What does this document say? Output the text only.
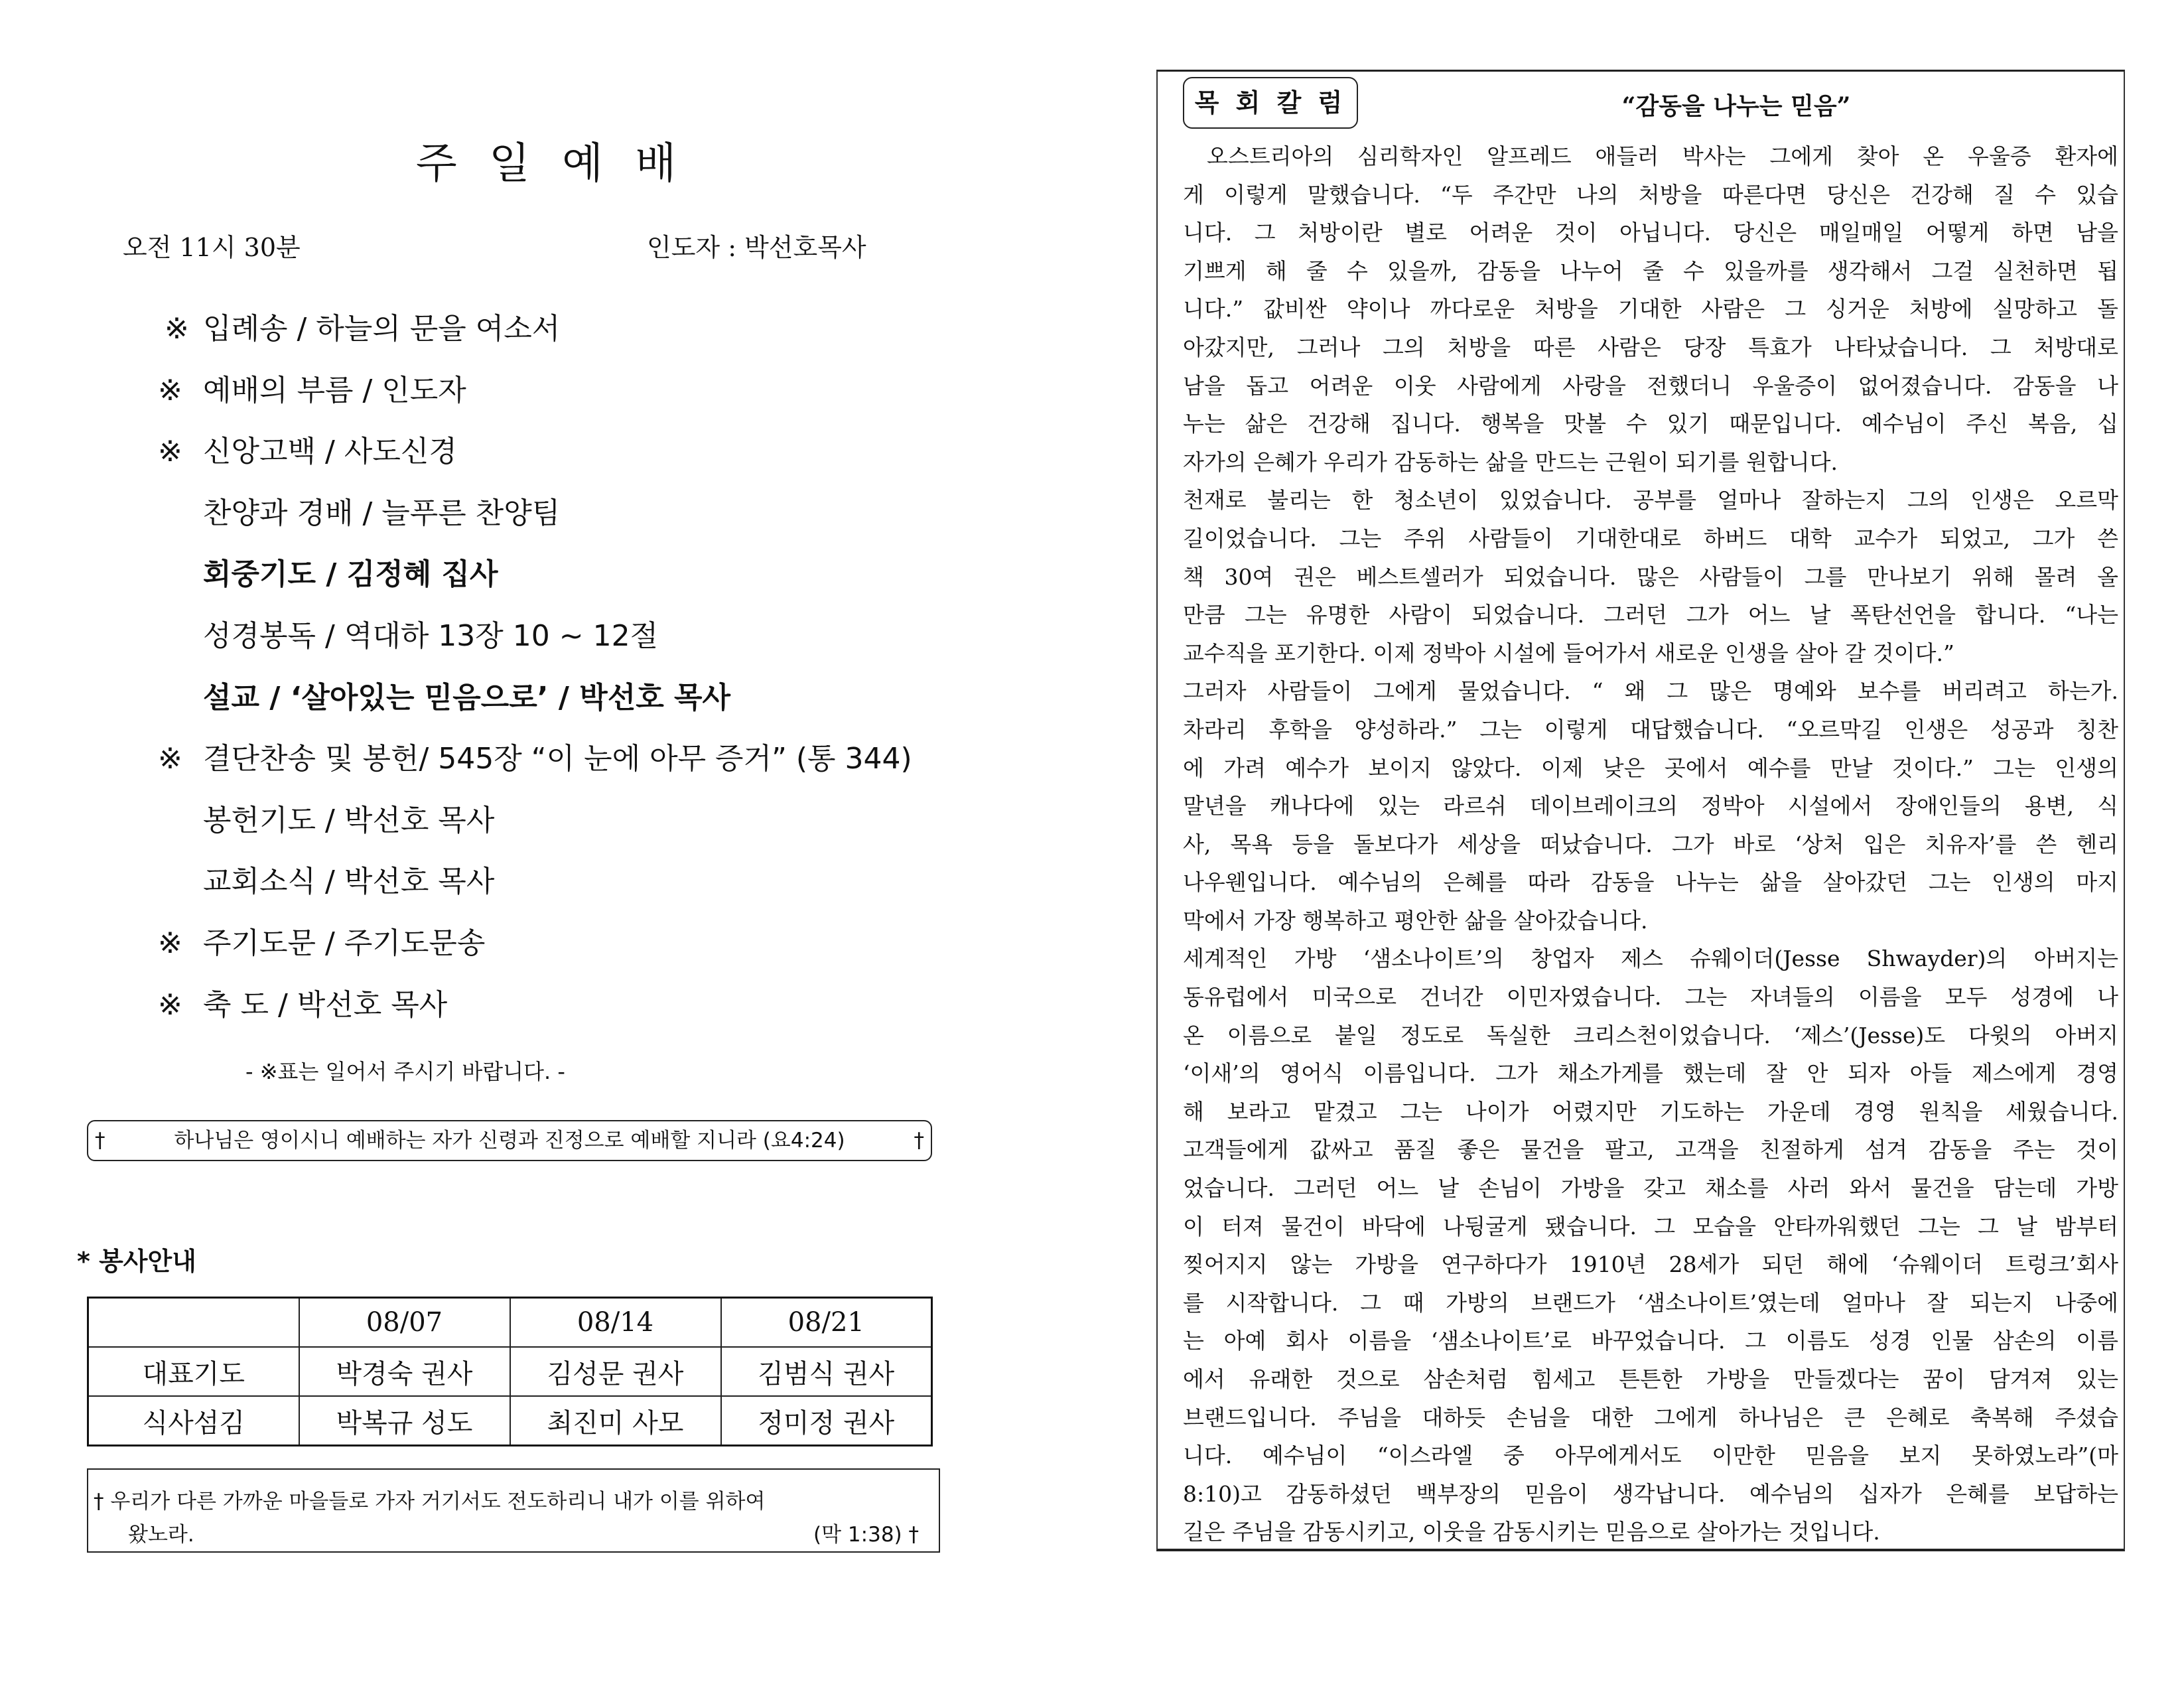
주 일 예 배
오전 11시 30분	인도자 : 박선호목사
※ 입례송 / 하늘의 문을 여소서
※ 예배의 부름 / 인도자
※ 신앙고백 / 사도신경
찬양과 경배 / 늘푸른 찬양팀
회중기도 / 김정혜 집사
성경봉독 / 역대하 13장 10 ~ 12절
설교 / ‘살아있는 믿음으로’ / 박선호 목사
※ 결단찬송 및 봉헌/ 545장 “이 눈에 아무 증거” (통 344)
봉헌기도 / 박선호 목사
교회소식 / 박선호 목사
※ 주기도문 / 주기도문송
※ 축 도 / 박선호 목사
- ※표는 일어서 주시기 바랍니다. -
†	하나님은 영이시니 예배하는 자가 신령과 진정으로 예배할 지니라 (요4:24)	†
* 봉사안내
	08/07	08/14	08/21
대표기도	박경숙 권사	김성문 권사	김범식 권사
식사섬김	박복규 성도	최진미 사모	정미정 권사
† 우리가 다른 가까운 마을들로 가자 거기서도 전도하리니 내가 이를 위하여
왔노라.	(막 1:38) †
목 회 칼 럼	“감동을 나누는 믿음”
오스트리아의 심리학자인 알프레드 애들러 박사는 그에게 찾아 온 우울증 환자에
게 이렇게 말했습니다. “두 주간만 나의 처방을 따른다면 당신은 건강해 질 수 있습
니다. 그 처방이란 별로 어려운 것이 아닙니다. 당신은 매일매일 어떻게 하면 남을
기쁘게 해 줄 수 있을까, 감동을 나누어 줄 수 있을까를 생각해서 그걸 실천하면 됩
니다.” 값비싼 약이나 까다로운 처방을 기대한 사람은 그 싱거운 처방에 실망하고 돌
아갔지만, 그러나 그의 처방을 따른 사람은 당장 특효가 나타났습니다. 그 처방대로
남을 돕고 어려운 이웃 사람에게 사랑을 전했더니 우울증이 없어졌습니다. 감동을 나
누는 삶은 건강해 집니다. 행복을 맛볼 수 있기 때문입니다. 예수님이 주신 복음, 십
자가의 은혜가 우리가 감동하는 삶을 만드는 근원이 되기를 원합니다.
천재로 불리는 한 청소년이 있었습니다. 공부를 얼마나 잘하는지 그의 인생은 오르막
길이었습니다. 그는 주위 사람들이 기대한대로 하버드 대학 교수가 되었고, 그가 쓴
책 30여 권은 베스트셀러가 되었습니다. 많은 사람들이 그를 만나보기 위해 몰려 올
만큼 그는 유명한 사람이 되었습니다. 그러던 그가 어느 날 폭탄선언을 합니다. “나는
교수직을 포기한다. 이제 정박아 시설에 들어가서 새로운 인생을 살아 갈 것이다.”
그러자 사람들이 그에게 물었습니다. “ 왜 그 많은 명예와 보수를 버리려고 하는가.
차라리 후학을 양성하라.” 그는 이렇게 대답했습니다. “오르막길 인생은 성공과 칭찬
에 가려 예수가 보이지 않았다. 이제 낮은 곳에서 예수를 만날 것이다.” 그는 인생의
말년을 캐나다에 있는 라르쉬 데이브레이크의 정박아 시설에서 장애인들의 용변, 식
사, 목욕 등을 돌보다가 세상을 떠났습니다. 그가 바로 ‘상처 입은 치유자’를 쓴 헨리
나우웬입니다. 예수님의 은혜를 따라 감동을 나누는 삶을 살아갔던 그는 인생의 마지
막에서 가장 행복하고 평안한 삶을 살아갔습니다.
세계적인 가방 ‘샘소나이트’의 창업자 제스 슈웨이더(Jesse Shwayder)의 아버지는
동유럽에서 미국으로 건너간 이민자였습니다. 그는 자녀들의 이름을 모두 성경에 나
온 이름으로 붙일 정도로 독실한 크리스천이었습니다. ‘제스’(Jesse)도 다윗의 아버지
‘이새’의 영어식 이름입니다. 그가 채소가게를 했는데 잘 안 되자 아들 제스에게 경영
해 보라고 맡겼고 그는 나이가 어렸지만 기도하는 가운데 경영 원칙을 세웠습니다.
고객들에게 값싸고 품질 좋은 물건을 팔고, 고객을 친절하게 섬겨 감동을 주는 것이
었습니다. 그러던 어느 날 손님이 가방을 갖고 채소를 사러 와서 물건을 담는데 가방
이 터져 물건이 바닥에 나뒹굴게 됐습니다. 그 모습을 안타까워했던 그는 그 날 밤부터
찢어지지 않는 가방을 연구하다가 1910년 28세가 되던 해에 ‘슈웨이더 트렁크’회사
를 시작합니다. 그 때 가방의 브랜드가 ‘샘소나이트’였는데 얼마나 잘 되는지 나중에
는 아예 회사 이름을 ‘샘소나이트’로 바꾸었습니다. 그 이름도 성경 인물 삼손의 이름
에서 유래한 것으로 삼손처럼 힘세고 튼튼한 가방을 만들겠다는 꿈이 담겨져 있는
브랜드입니다. 주님을 대하듯 손님을 대한 그에게 하나님은 큰 은혜로 축복해 주셨습
니다. 예수님이 “이스라엘 중 아무에게서도 이만한 믿음을 보지 못하였노라”(마
8:10)고 감동하셨던 백부장의 믿음이 생각납니다. 예수님의 십자가 은혜를 보답하는
길은 주님을 감동시키고, 이웃을 감동시키는 믿음으로 살아가는 것입니다.
